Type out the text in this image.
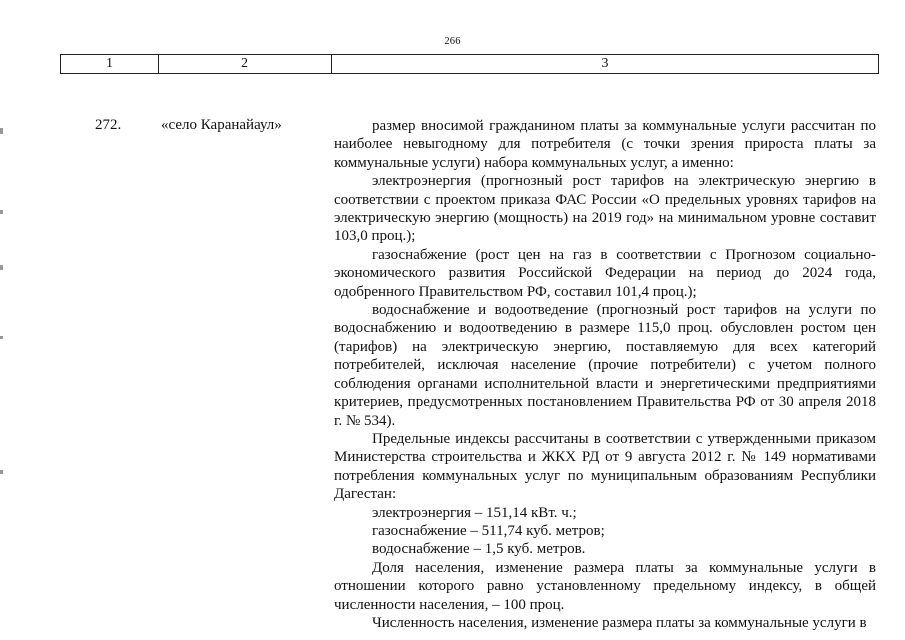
266
1	2	3
272.	«село Каранайаул»	размер вносимой гражданином платы за коммунальные услуги рассчитан по наиболее невыгодному для потребителя (с точки зрения прироста платы за коммунальные услуги) набора коммунальных услуг, а именно:

электроэнергия (прогнозный рост тарифов на электрическую энергию в соответствии с проектом приказа ФАС России «О предельных уровнях тарифов на электрическую энергию (мощность) на 2019 год» на минимальном уровне составит 103,0 проц.);

газоснабжение (рост цен на газ в соответствии с Прогнозом социально-экономического развития Российской Федерации на период до 2024 года, одобренного Правительством РФ, составил 101,4 проц.);

водоснабжение и водоотведение (прогнозный рост тарифов на услуги по водоснабжению и водоотведению в размере 115,0 проц. обусловлен ростом цен (тарифов) на электрическую энергию, поставляемую для всех категорий потребителей, исключая население (прочие потребители) с учетом полного соблюдения органами исполнительной власти и энергетическими предприятиями критериев, предусмотренных постановлением Правительства РФ от 30 апреля 2018 г. № 534).

Предельные индексы рассчитаны в соответствии с утвержденными приказом Министерства строительства и ЖКХ РД от 9 августа 2012 г. № 149 нормативами потребления коммунальных услуг по муниципальным образованиям Республики Дагестан:

электроэнергия – 151,14 кВт. ч.;

газоснабжение – 511,74 куб. метров;

водоснабжение – 1,5 куб. метров.

Доля населения, изменение размера платы за коммунальные услуги в отношении которого равно установленному предельному индексу, в общей численности населения, – 100 проц.

Численность населения, изменение размера платы за коммунальные услуги в
